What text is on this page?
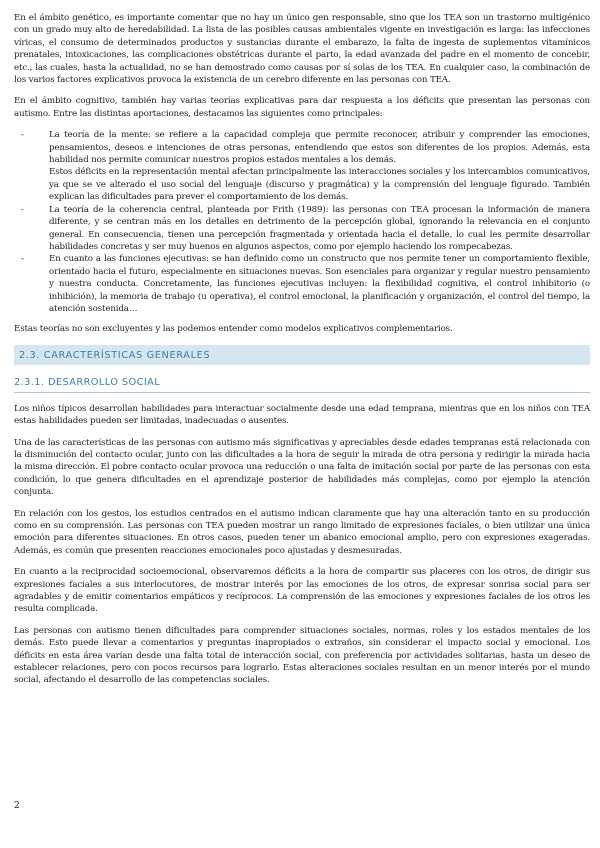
En el ámbito genético, es importante comentar que no hay un único gen responsable, sino que los TEA son un trastorno multigénico con un grado muy alto de heredabilidad. La lista de las posibles causas ambientales vigente en investigación es larga: las infecciones víricas, el consumo de determinados productos y sustancias durante el embarazo, la falta de ingesta de suplementos vitamínicos prenatales, intoxicaciones, las complicaciones obstétricas durante el parto, la edad avanzada del padre en el momento de concebir, etc., las cuales, hasta la actualidad, no se han demostrado como causas por sí solas de los TEA. En cualquier caso, la combinación de los varios factores explicativos provoca la existencia de un cerebro diferente en las personas con TEA.

En el ámbito cognitivo, también hay varias teorías explicativas para dar respuesta a los déficits que presentan las personas con autismo. Entre las distintas aportaciones, destacamos las siguientes como principales:

-	La teoría de la mente: se refiere a la capacidad compleja que permite reconocer, atribuir y comprender las emociones, pensamientos, deseos e intenciones de otras personas, entendiendo que estos son diferentes de los propios. Además, esta habilidad nos permite comunicar nuestros propios estados mentales a los demás.

Estos déficits en la representación mental afectan principalmente las interacciones sociales y los intercambios comunicativos, ya que se ve alterado el uso social del lenguaje (discurso y pragmática) y la comprensión del lenguaje figurado. También explican las dificultades para prever el comportamiento de los demás.

-	La teoría de la coherencia central, planteada por Frith (1989): las personas con TEA procesan la información de manera diferente, y se centran más en los detalles en detrimento de la percepción global, ignorando la relevancia en el conjunto general. En consecuencia, tienen una percepción fragmentada y orientada hacia el detalle, lo cual les permite desarrollar habilidades concretas y ser muy buenos en algunos aspectos, como por ejemplo haciendo los rompecabezas.

-	En cuanto a las funciones ejecutivas: se han definido como un constructo que nos permite tener un comportamiento flexible, orientado hacia el futuro, especialmente en situaciones nuevas. Son esenciales para organizar y regular nuestro pensamiento y nuestra conducta. Concretamente, las funciones ejecutivas incluyen: la flexibilidad cognitiva, el control inhibitorio (o inhibición), la memoria de trabajo (u operativa), el control emocional, la planificación y organización, el control del tiempo, la atención sostenida…

Estas teorías no son excluyentes y las podemos entender como modelos explicativos complementarios.

2.3. CARACTERÍSTICAS GENERALES
2.3.1. DESARROLLO SOCIAL

Los niños típicos desarrollan habilidades para interactuar socialmente desde una edad temprana, mientras que en los niños con TEA estas habilidades pueden ser limitadas, inadecuadas o ausentes.

Una de las características de las personas con autismo más significativas y apreciables desde edades tempranas está relacionada con la disminución del contacto ocular, junto con las dificultades a la hora de seguir la mirada de otra persona y redirigir la mirada hacia la misma dirección. El pobre contacto ocular provoca una reducción o una falta de imitación social por parte de las personas con esta condición, lo que genera dificultades en el aprendizaje posterior de habilidades más complejas, como por ejemplo la atención conjunta.

En relación con los gestos, los estudios centrados en el autismo indican claramente que hay una alteración tanto en su producción como en su comprensión. Las personas con TEA pueden mostrar un rango limitado de expresiones faciales, o bien utilizar una única emoción para diferentes situaciones. En otros casos, pueden tener un abanico emocional amplio, pero con expresiones exageradas. Además, es común que presenten reacciones emocionales poco ajustadas y desmesuradas.

En cuanto a la reciprocidad socioemocional, observaremos déficits a la hora de compartir sus placeres con los otros, de dirigir sus expresiones faciales a sus interlocutores, de mostrar interés por las emociones de los otros, de expresar sonrisa social para ser agradables y de emitir comentarios empáticos y recíprocos. La comprensión de las emociones y expresiones faciales de los otros les resulta complicada.

Las personas con autismo tienen dificultades para comprender situaciones sociales, normas, roles y los estados mentales de los demás. Esto puede llevar a comentarios y preguntas inapropiados o extraños, sin considerar el impacto social y emocional. Los déficits en esta área varían desde una falta total de interacción social, con preferencia por actividades solitarias, hasta un deseo de establecer relaciones, pero con pocos recursos para lograrlo. Estas alteraciones sociales resultan en un menor interés por el mundo social, afectando el desarrollo de las competencias sociales.

2
